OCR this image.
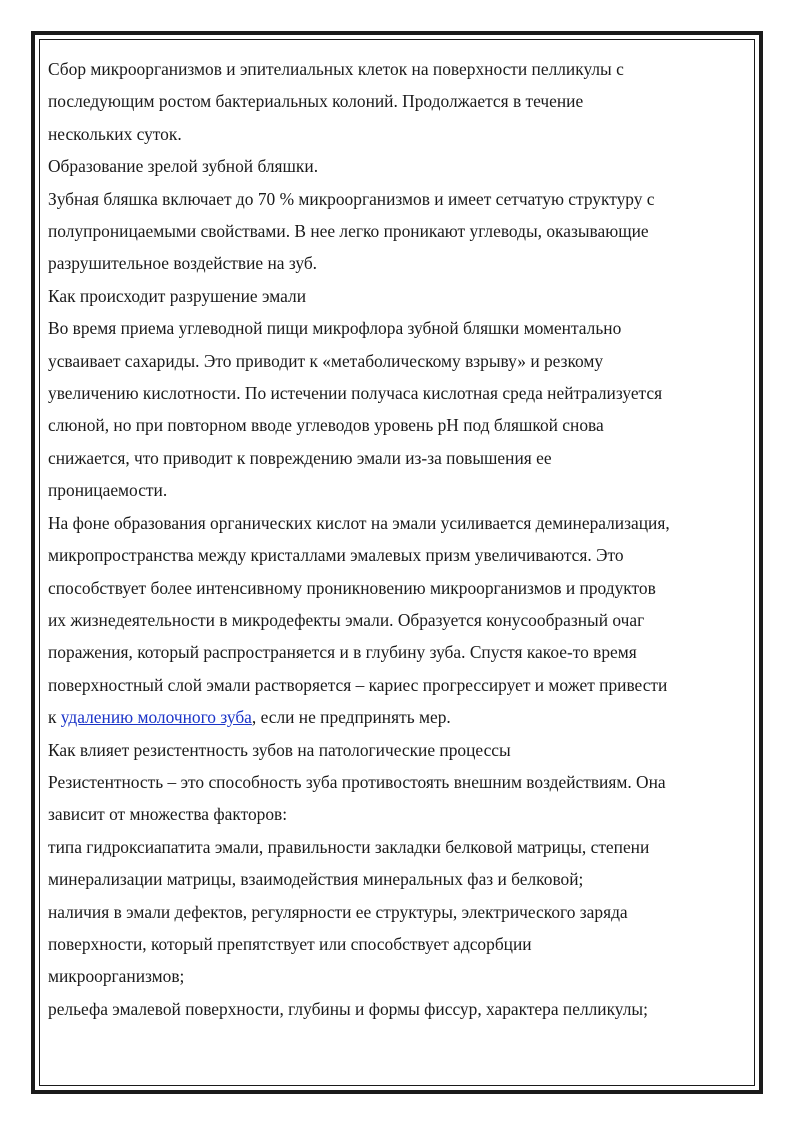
Сбор микроорганизмов и эпителиальных клеток на поверхности пелликулы с
последующим ростом бактериальных колоний. Продолжается в течение
нескольких суток.

Образование зрелой зубной бляшки.

Зубная бляшка включает до 70 % микроорганизмов и имеет сетчатую структуру с
полупроницаемыми свойствами. В нее легко проникают углеводы, оказывающие
разрушительное воздействие на зуб.

Как происходит разрушение эмали

Во время приема углеводной пищи микрофлора зубной бляшки моментально
усваивает сахариды. Это приводит к «метаболическому взрыву» и резкому
увеличению кислотности. По истечении получаса кислотная среда нейтрализуется
слюной, но при повторном вводе углеводов уровень pH под бляшкой снова
снижается, что приводит к повреждению эмали из-за повышения ее
проницаемости.

На фоне образования органических кислот на эмали усиливается деминерализация,
микропространства между кристаллами эмалевых призм увеличиваются. Это
способствует более интенсивному проникновению микроорганизмов и продуктов
их жизнедеятельности в микродефекты эмали. Образуется конусообразный очаг
поражения, который распространяется и в глубину зуба. Спустя какое-то время
поверхностный слой эмали растворяется – кариес прогрессирует и может привести
к удалению молочного зуба, если не предпринять мер.

Как влияет резистентность зубов на патологические процессы

Резистентность – это способность зуба противостоять внешним воздействиям. Она
зависит от множества факторов:

типа гидроксиапатита эмали, правильности закладки белковой матрицы, степени
минерализации матрицы, взаимодействия минеральных фаз и белковой;

наличия в эмали дефектов, регулярности ее структуры, электрического заряда
поверхности, который препятствует или способствует адсорбции
микроорганизмов;

рельефа эмалевой поверхности, глубины и формы фиссур, характера пелликулы;
